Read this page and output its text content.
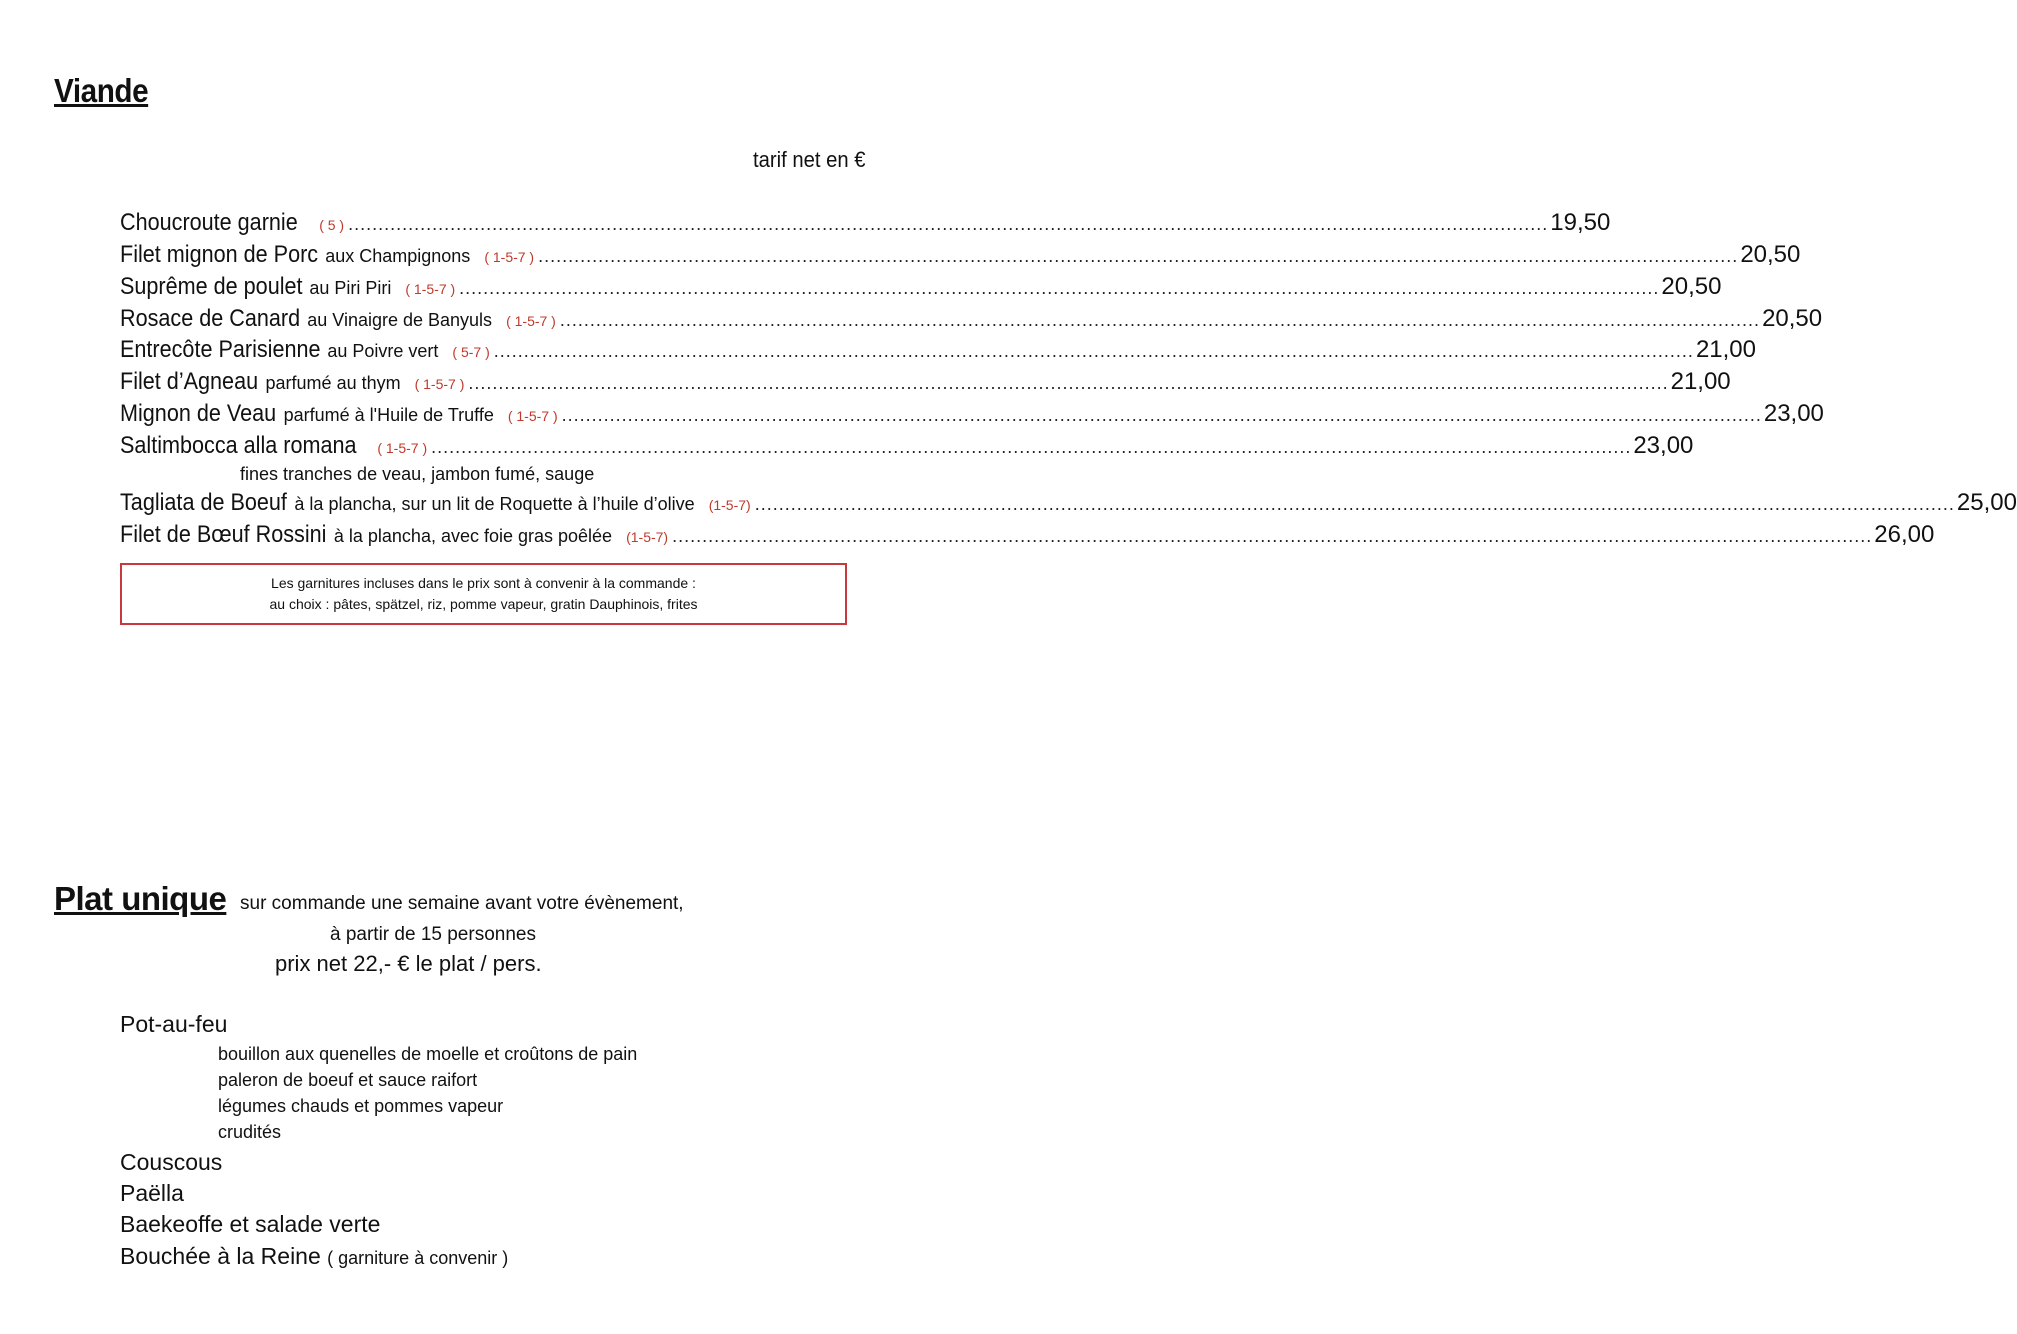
Viande
tarif net en €
Choucroute garnie ( 5 ) ........................................................................................................................................................................................................ 19,50
Filet mignon de Porc aux Champignons ( 1-5-7 ) ........................................................................................................................................................................................................ 20,50
Suprême de poulet au Piri Piri ( 1-5-7 ) ........................................................................................................................................................................................................ 20,50
Rosace de Canard au Vinaigre de Banyuls ( 1-5-7 ) ........................................................................................................................................................................................................ 20,50
Entrecôte Parisienne au Poivre vert ( 5-7 ) ........................................................................................................................................................................................................ 21,00
Filet d’Agneau parfumé au thym ( 1-5-7 ) ........................................................................................................................................................................................................ 21,00
Mignon de Veau parfumé à l'Huile de Truffe ( 1-5-7 ) ........................................................................................................................................................................................................ 23,00
Saltimbocca alla romana ( 1-5-7 ) ........................................................................................................................................................................................................ 23,00
Tagliata de Boeuf à la plancha, sur un lit de Roquette à l’huile d’olive (1-5-7) ........................................................................................................................................................................................................ 25,00
Filet de Bœuf Rossini à la plancha, avec foie gras poêlée (1-5-7) ........................................................................................................................................................................................................ 26,00
fines tranches de veau, jambon fumé, sauge
Les garnitures incluses dans le prix sont à convenir à la commande :
au choix : pâtes, spätzel, riz, pomme vapeur, gratin Dauphinois, frites
Plat unique sur commande une semaine avant votre évènement,
à partir de 15 personnes
prix net 22,- € le plat / pers.
Pot-au-feu
bouillon aux quenelles de moelle et croûtons de pain
paleron de boeuf et sauce raifort
légumes chauds et pommes vapeur
crudités
Couscous
Paëlla
Baekeoffe et salade verte
Bouchée à la Reine ( garniture à convenir )
